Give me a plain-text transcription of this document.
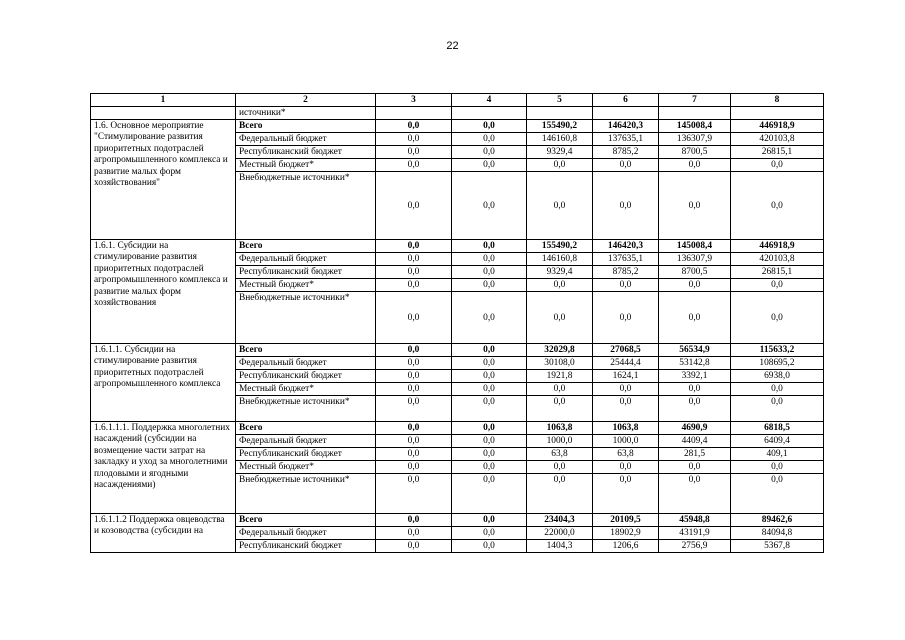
22
1	2	3	4	5	6	7	8
	источники*						
1.6. Основное мероприятие "Стимулирование развития приоритетных подотраслей агропромышленного комплекса и развитие малых форм хозяйствования"	Всего	0,0	0,0	155490,2	146420,3	145008,4	446918,9
	Федеральный бюджет	0,0	0,0	146160,8	137635,1	136307,9	420103,8
	Республиканский бюджет	0,0	0,0	9329,4	8785,2	8700,5	26815,1
	Местный бюджет*	0,0	0,0	0,0	0,0	0,0	0,0
	Внебюджетные источники*	0,0	0,0	0,0	0,0	0,0	0,0
1.6.1. Субсидии на стимулирование развития приоритетных подотраслей агропромышленного комплекса и развитие малых форм хозяйствования	Всего	0,0	0,0	155490,2	146420,3	145008,4	446918,9
	Федеральный бюджет	0,0	0,0	146160,8	137635,1	136307,9	420103,8
	Республиканский бюджет	0,0	0,0	9329,4	8785,2	8700,5	26815,1
	Местный бюджет*	0,0	0,0	0,0	0,0	0,0	0,0
	Внебюджетные источники*	0,0	0,0	0,0	0,0	0,0	0,0
1.6.1.1. Субсидии на стимулирование развития приоритетных подотраслей агропромышленного комплекса	Всего	0,0	0,0	32029,8	27068,5	56534,9	115633,2
	Федеральный бюджет	0,0	0,0	30108,0	25444,4	53142,8	108695,2
	Республиканский бюджет	0,0	0,0	1921,8	1624,1	3392,1	6938,0
	Местный бюджет*	0,0	0,0	0,0	0,0	0,0	0,0
	Внебюджетные источники*	0,0	0,0	0,0	0,0	0,0	0,0
1.6.1.1.1. Поддержка многолетних насаждений (субсидии на возмещение части затрат на закладку и уход за многолетними плодовыми и ягодными насаждениями)	Всего	0,0	0,0	1063,8	1063,8	4690,9	6818,5
	Федеральный бюджет	0,0	0,0	1000,0	1000,0	4409,4	6409,4
	Республиканский бюджет	0,0	0,0	63,8	63,8	281,5	409,1
	Местный бюджет*	0,0	0,0	0,0	0,0	0,0	0,0
	Внебюджетные источники*	0,0	0,0	0,0	0,0	0,0	0,0
1.6.1.1.2 Поддержка овцеводства и козоводства (субсидии на	Всего	0,0	0,0	23404,3	20109,5	45948,8	89462,6
	Федеральный бюджет	0,0	0,0	22000,0	18902,9	43191,9	84094,8
	Республиканский бюджет	0,0	0,0	1404,3	1206,6	2756,9	5367,8
